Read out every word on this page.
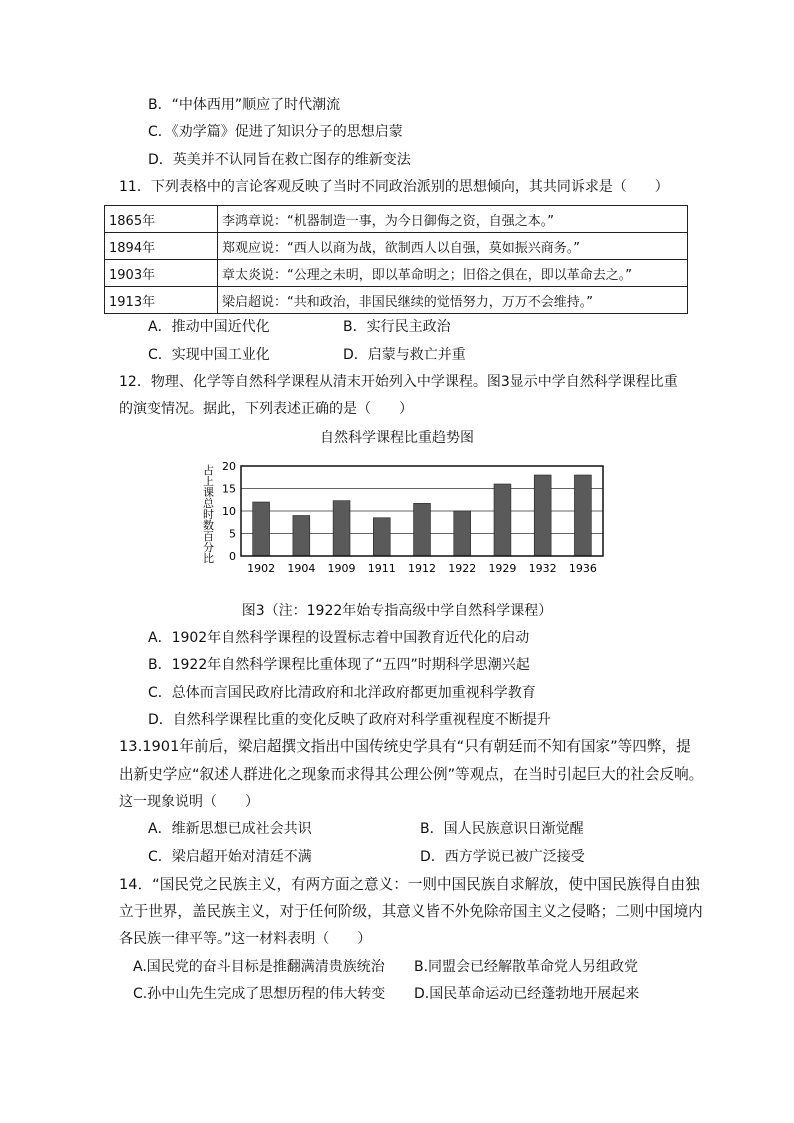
B．“中体西用”顺应了时代潮流
C．《劝学篇》促进了知识分子的思想启蒙
D．英美并不认同旨在救亡图存的维新变法
11．下列表格中的言论客观反映了当时不同政治派别的思想倾向，其共同诉求是（　　）
1865年	李鸿章说：“机器制造一事，为今日御侮之资，自强之本。”
1894年	郑观应说：“西人以商为战，欲制西人以自强，莫如振兴商务。”
1903年	章太炎说：“公理之未明，即以革命明之；旧俗之俱在，即以革命去之。”
1913年	梁启超说：“共和政治，非国民继续的觉悟努力，万万不会维持。”
A．推动中国近代化	B．实行民主政治
C．实现中国工业化	D．启蒙与救亡并重
12．物理、化学等自然科学课程从清末开始列入中学课程。图3显示中学自然科学课程比重
的演变情况。据此，下列表述正确的是（　　）
自然科学课程比重趋势图
占上课总时数百分比 0
5
10
15
20
1902 1904 1909 1911 1912 1922 1929 1932 1936
图3（注：1922年始专指高级中学自然科学课程）
A．1902年自然科学课程的设置标志着中国教育近代化的启动
B．1922年自然科学课程比重体现了“五四”时期科学思潮兴起
C．总体而言国民政府比清政府和北洋政府都更加重视科学教育
D．自然科学课程比重的变化反映了政府对科学重视程度不断提升
13.1901年前后，梁启超撰文指出中国传统史学具有“只有朝廷而不知有国家”等四弊，提
出新史学应“叙述人群进化之现象而求得其公理公例”等观点，在当时引起巨大的社会反响。
这一现象说明（　　）
A．维新思想已成社会共识	B．国人民族意识日渐觉醒
C．梁启超开始对清廷不满	D．西方学说已被广泛接受
14．“国民党之民族主义，有两方面之意义：一则中国民族自求解放，使中国民族得自由独
立于世界，盖民族主义，对于任何阶级，其意义皆不外免除帝国主义之侵略；二则中国境内
各民族一律平等。”这一材料表明（　　）
A.国民党的奋斗目标是推翻满清贵族统治 B.同盟会已经解散革命党人另组政党
C.孙中山先生完成了思想历程的伟大转变 D.国民革命运动已经蓬勃地开展起来
